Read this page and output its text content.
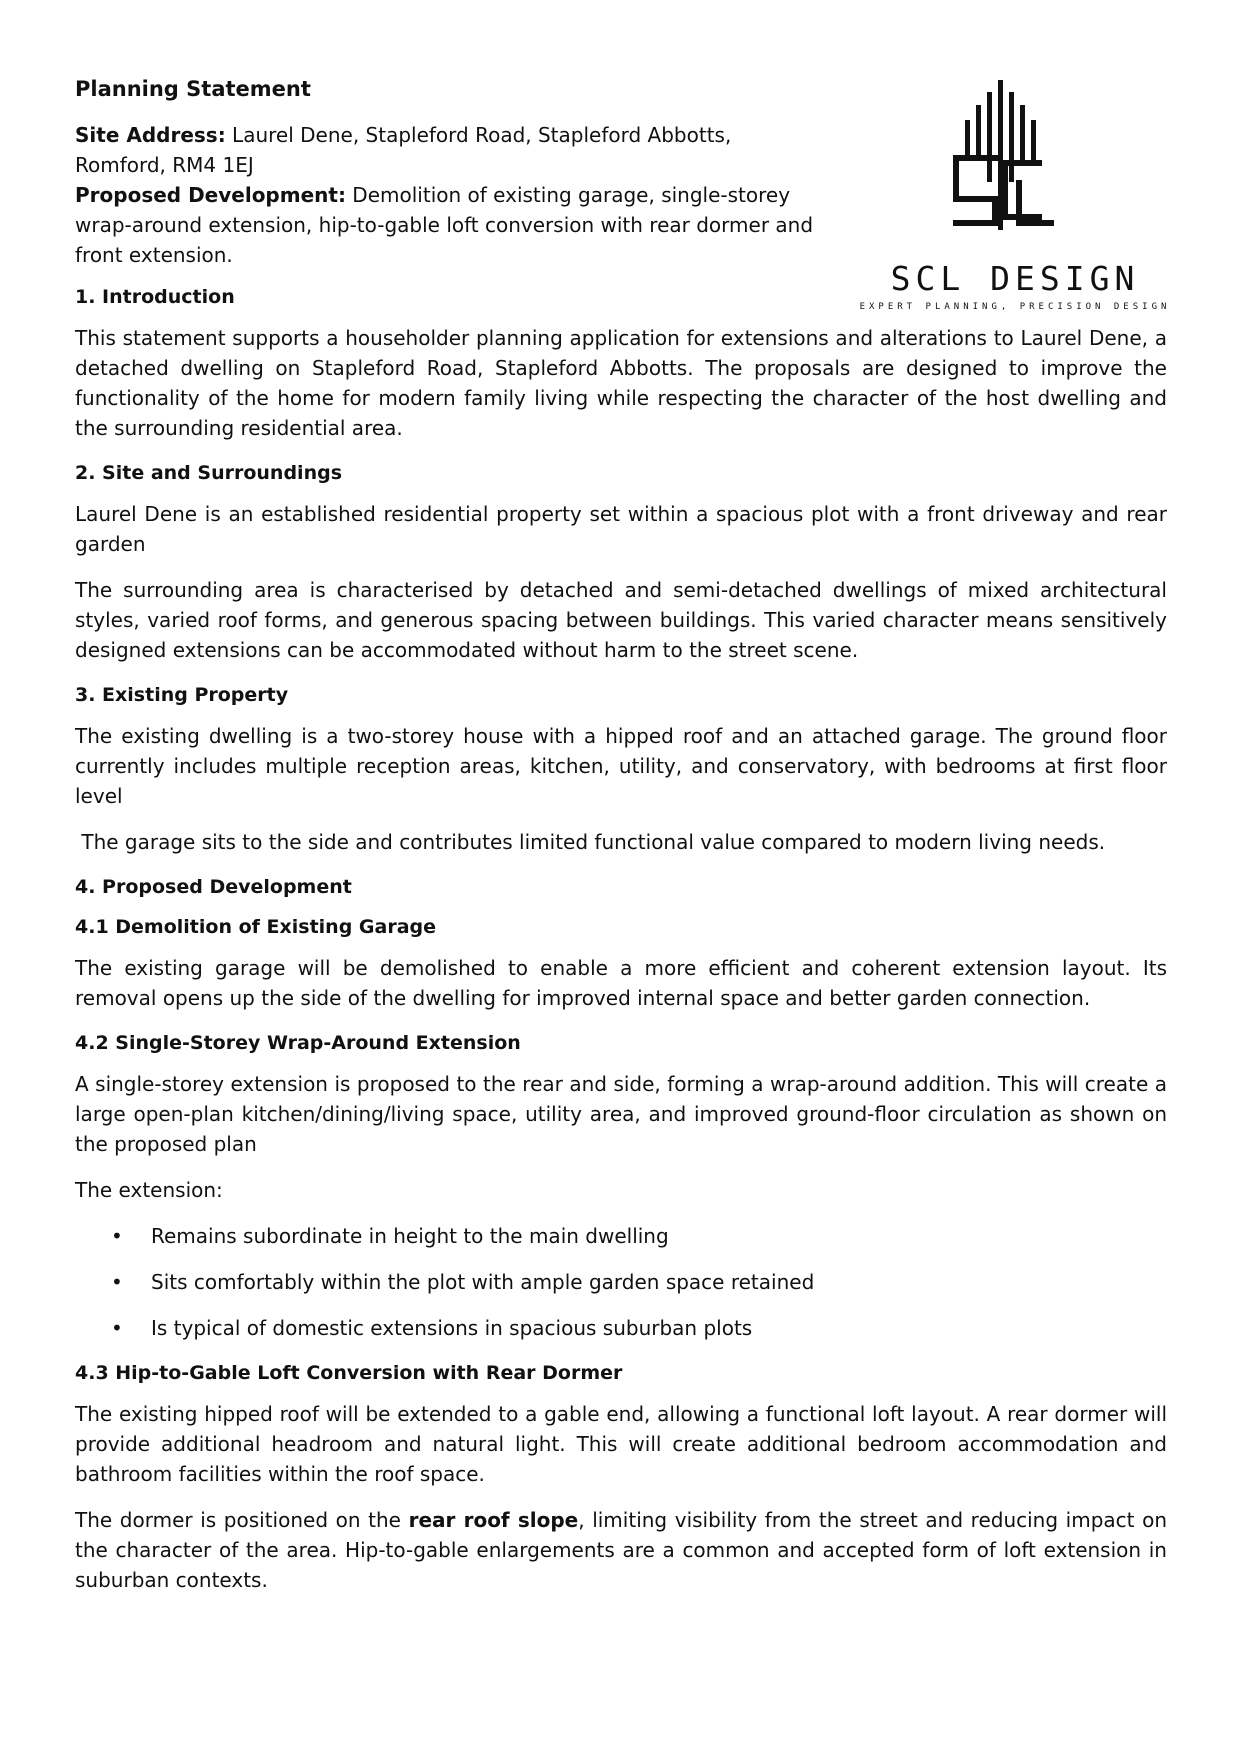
SCL DESIGN
EXPERT PLANNING, PRECISION DESIGN
Planning Statement

Site Address: Laurel Dene, Stapleford Road, Stapleford Abbotts, Romford, RM4 1EJ

Proposed Development: Demolition of existing garage, single-storey wrap-around extension, hip-to-gable loft conversion with rear dormer and front extension.

1. Introduction

This statement supports a householder planning application for extensions and alterations to Laurel Dene, a detached dwelling on Stapleford Road, Stapleford Abbotts. The proposals are designed to improve the functionality of the home for modern family living while respecting the character of the host dwelling and the surrounding residential area.

2. Site and Surroundings

Laurel Dene is an established residential property set within a spacious plot with a front driveway and rear garden

The surrounding area is characterised by detached and semi-detached dwellings of mixed architectural styles, varied roof forms, and generous spacing between buildings. This varied character means sensitively designed extensions can be accommodated without harm to the street scene.

3. Existing Property

The existing dwelling is a two-storey house with a hipped roof and an attached garage. The ground floor currently includes multiple reception areas, kitchen, utility, and conservatory, with bedrooms at first floor level

The garage sits to the side and contributes limited functional value compared to modern living needs.

4. Proposed Development
4.1 Demolition of Existing Garage

The existing garage will be demolished to enable a more efficient and coherent extension layout. Its removal opens up the side of the dwelling for improved internal space and better garden connection.

4.2 Single-Storey Wrap-Around Extension

A single-storey extension is proposed to the rear and side, forming a wrap-around addition. This will create a large open-plan kitchen/dining/living space, utility area, and improved ground-floor circulation as shown on the proposed plan

The extension:

• Remains subordinate in height to the main dwelling
• Sits comfortably within the plot with ample garden space retained
• Is typical of domestic extensions in spacious suburban plots
4.3 Hip-to-Gable Loft Conversion with Rear Dormer

The existing hipped roof will be extended to a gable end, allowing a functional loft layout. A rear dormer will provide additional headroom and natural light. This will create additional bedroom accommodation and bathroom facilities within the roof space.

The dormer is positioned on the rear roof slope, limiting visibility from the street and reducing impact on the character of the area. Hip-to-gable enlargements are a common and accepted form of loft extension in suburban contexts.
